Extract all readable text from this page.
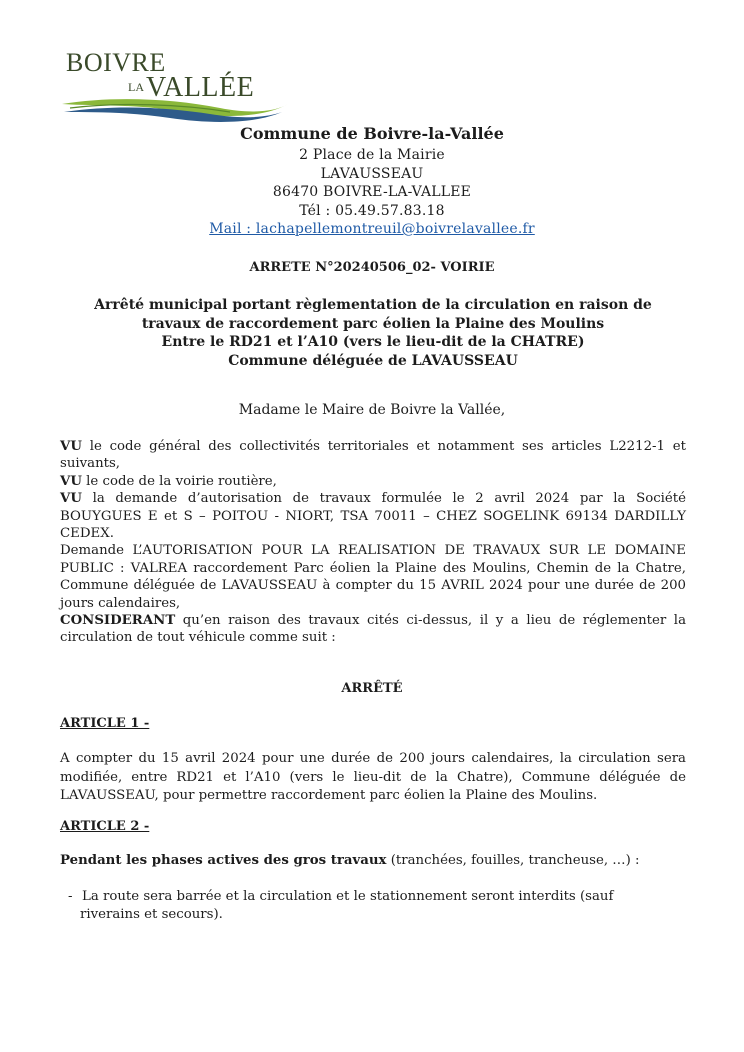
BOIVRE
LA VALLÉE
Commune de Boivre-la-Vallée
2 Place de la Mairie
LAVAUSSEAU
86470 BOIVRE-LA-VALLEE
Tél : 05.49.57.83.18
Mail : lachapellemontreuil@boivrelavallee.fr
ARRETE N°20240506_02- VOIRIE
Arrêté municipal portant règlementation de la circulation en raison de
travaux de raccordement parc éolien la Plaine des Moulins
Entre le RD21 et l’A10 (vers le lieu-dit de la CHATRE)
Commune déléguée de LAVAUSSEAU
Madame le Maire de Boivre la Vallée,

VU le code général des collectivités territoriales et notamment ses articles L2212-1 et suivants,

VU le code de la voirie routière,

VU la demande d’autorisation de travaux formulée le 2 avril 2024 par la Société BOUYGUES E et S – POITOU - NIORT, TSA 70011 – CHEZ SOGELINK 69134 DARDILLY CEDEX.

Demande L’AUTORISATION POUR LA REALISATION DE TRAVAUX SUR LE DOMAINE PUBLIC : VALREA raccordement Parc éolien la Plaine des Moulins, Chemin de la Chatre, Commune déléguée de LAVAUSSEAU à compter du 15 AVRIL 2024 pour une durée de 200 jours calendaires,

CONSIDERANT qu’en raison des travaux cités ci-dessus, il y a lieu de réglementer la circulation de tout véhicule comme suit :

ARRÊTÉ
ARTICLE 1 -
A compter du 15 avril 2024 pour une durée de 200 jours calendaires, la circulation sera modifiée, entre RD21 et l’A10 (vers le lieu-dit de la Chatre), Commune déléguée de LAVAUSSEAU, pour permettre raccordement parc éolien la Plaine des Moulins.
ARTICLE 2 -
Pendant les phases actives des gros travaux (tranchées, fouilles, trancheuse, …) :
- La route sera barrée et la circulation et le stationnement seront interdits (sauf
riverains et secours).
